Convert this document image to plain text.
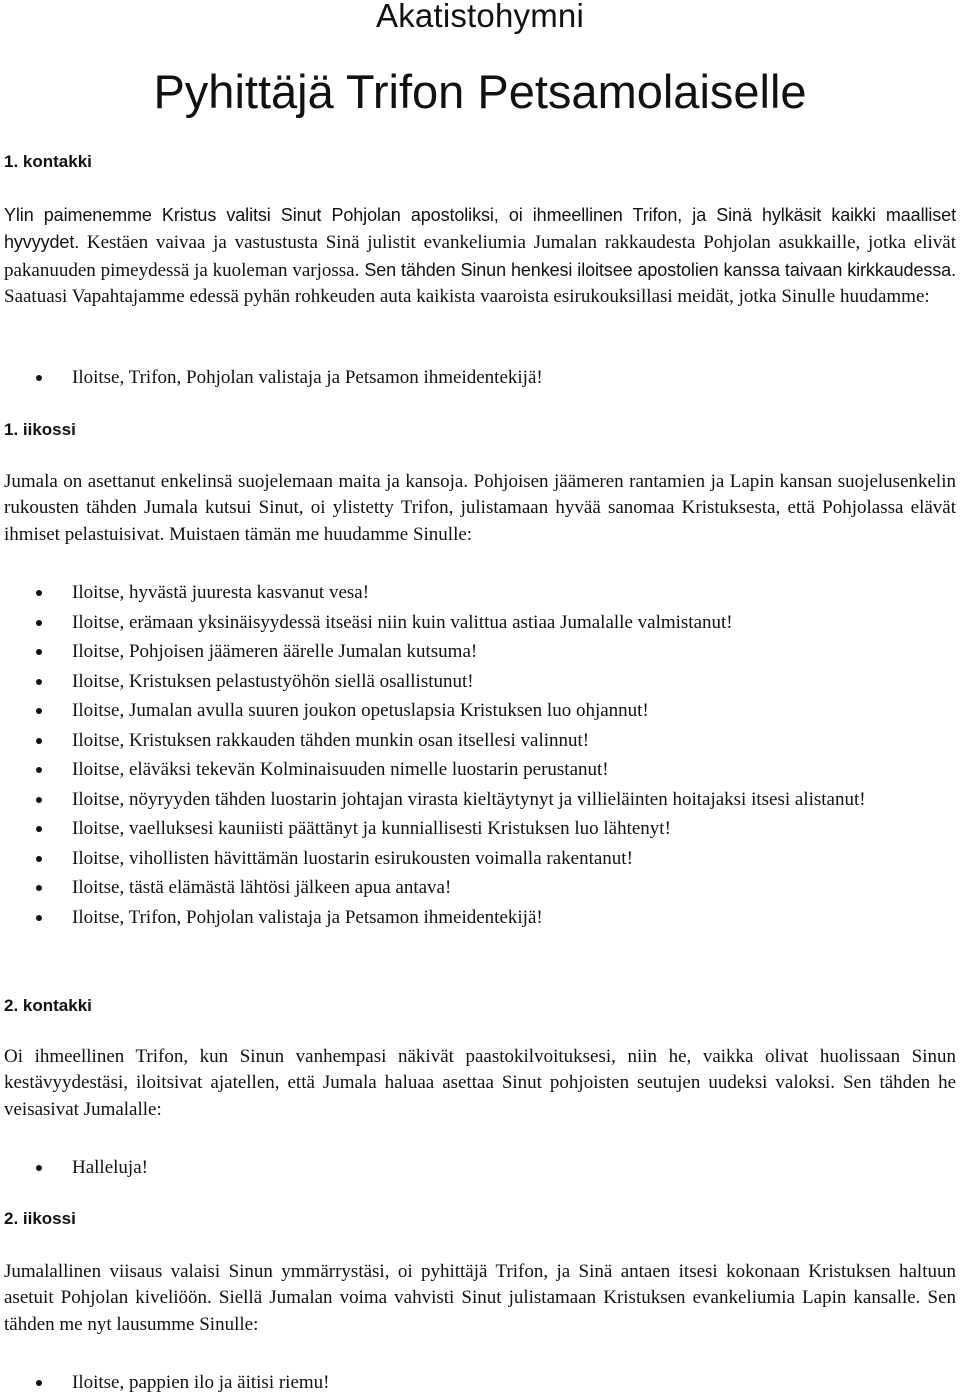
Akatistohymni
Pyhittäjä Trifon Petsamolaiselle
1. kontakki

Ylin paimenemme Kristus valitsi Sinut Pohjolan apostoliksi, oi ihmeellinen Trifon, ja Sinä hylkäsit kaikki maalliset hyvyydet. Kestäen vaivaa ja vastustusta Sinä julistit evankeliumia Jumalan rakkaudesta Pohjolan asukkaille, jotka elivät pakanuuden pimeydessä ja kuoleman varjossa. Sen tähden Sinun henkesi iloitsee apostolien kanssa taivaan kirkkaudessa. Saatuasi Vapahtajamme edessä pyhän rohkeuden auta kaikista vaaroista esirukouksillasi meidät, jotka Sinulle huudamme:

Iloitse, Trifon, Pohjolan valistaja ja Petsamon ihmeidentekijä!
1. iikossi

Jumala on asettanut enkelinsä suojelemaan maita ja kansoja. Pohjoisen jäämeren rantamien ja Lapin kansan suojelusenkelin rukousten tähden Jumala kutsui Sinut, oi ylistetty Trifon, julistamaan hyvää sanomaa Kristuksesta, että Pohjolassa elävät ihmiset pelastuisivat. Muistaen tämän me huudamme Sinulle:

Iloitse, hyvästä juuresta kasvanut vesa!
Iloitse, erämaan yksinäisyydessä itseäsi niin kuin valittua astiaa Jumalalle valmistanut!
Iloitse, Pohjoisen jäämeren äärelle Jumalan kutsuma!
Iloitse, Kristuksen pelastustyöhön siellä osallistunut!
Iloitse, Jumalan avulla suuren joukon opetuslapsia Kristuksen luo ohjannut!
Iloitse, Kristuksen rakkauden tähden munkin osan itsellesi valinnut!
Iloitse, eläväksi tekevän Kolminaisuuden nimelle luostarin perustanut!
Iloitse, nöyryyden tähden luostarin johtajan virasta kieltäytynyt ja villieläinten hoitajaksi itsesi alistanut!
Iloitse, vaelluksesi kauniisti päättänyt ja kunniallisesti Kristuksen luo lähtenyt!
Iloitse, vihollisten hävittämän luostarin esirukousten voimalla rakentanut!
Iloitse, tästä elämästä lähtösi jälkeen apua antava!
Iloitse, Trifon, Pohjolan valistaja ja Petsamon ihmeidentekijä!
2. kontakki

Oi ihmeellinen Trifon, kun Sinun vanhempasi näkivät paastokilvoituksesi, niin he, vaikka olivat huolissaan Sinun kestävyydestäsi, iloitsivat ajatellen, että Jumala haluaa asettaa Sinut pohjoisten seutujen uudeksi valoksi. Sen tähden he veisasivat Jumalalle:

Halleluja!
2. iikossi

Jumalallinen viisaus valaisi Sinun ymmärrystäsi, oi pyhittäjä Trifon, ja Sinä antaen itsesi kokonaan Kristuksen haltuun asetuit Pohjolan kiveliöön. Siellä Jumalan voima vahvisti Sinut julistamaan Kristuksen evankeliumia Lapin kansalle. Sen tähden me nyt lausumme Sinulle:

Iloitse, pappien ilo ja äitisi riemu!
